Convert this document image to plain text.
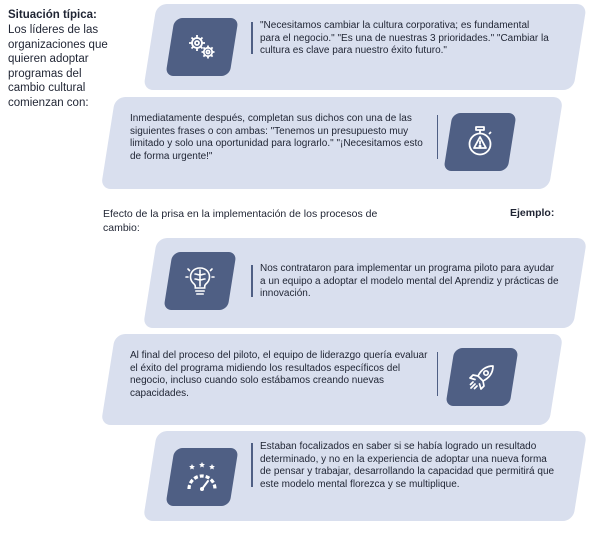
Situación típica:
Los líderes de las organizaciones que quieren adoptar programas del cambio cultural comienzan con:
"Necesitamos cambiar la cultura corporativa; es fundamental para el negocio." "Es una de nuestras 3 prioridades." "Cambiar la cultura es clave para nuestro éxito futuro."
Inmediatamente después, completan sus dichos con una de las siguientes frases o con ambas: "Tenemos un presupuesto muy limitado y solo una oportunidad para lograrlo." "¡Necesitamos esto de forma urgente!"
Efecto de la prisa en la implementación de los procesos de cambio:
Ejemplo:
Nos contrataron para implementar un programa piloto para ayudar a un equipo a adoptar el modelo mental del Aprendiz y prácticas de innovación.
Al final del proceso del piloto, el equipo de liderazgo quería evaluar el éxito del programa midiendo los resultados específicos del negocio, incluso cuando solo estábamos creando nuevas capacidades.
Estaban focalizados en saber si se había logrado un resultado determinado, y no en la experiencia de adoptar una nueva forma de pensar y trabajar, desarrollando la capacidad que permitirá que este modelo mental florezca y se multiplique.
